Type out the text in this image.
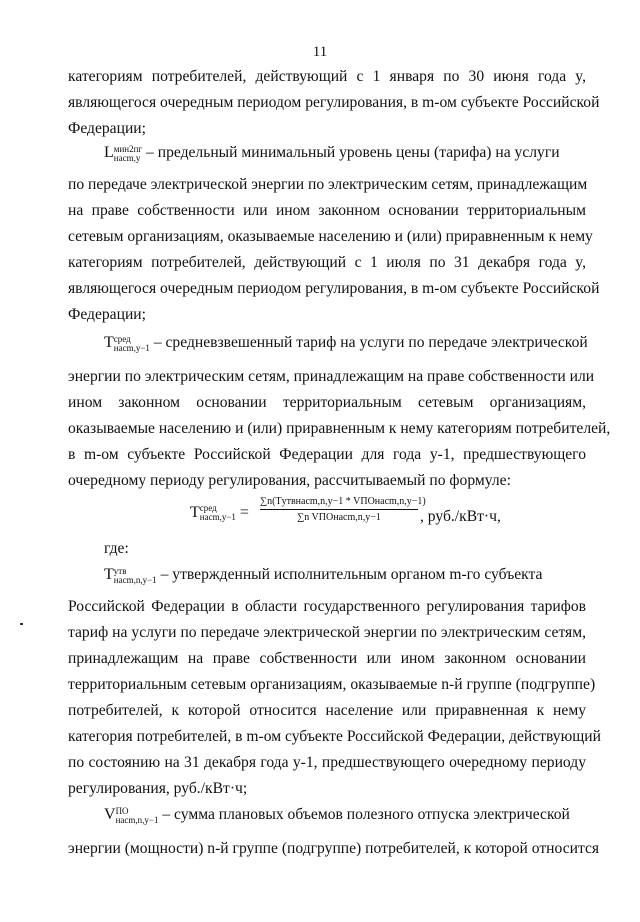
11
категориям потребителей, действующий с 1 января по 30 июня года y,
являющегося очередным периодом регулирования, в m-ом субъекте Российской
Федерации;
L мин2пг
насm,y – предельный минимальный уровень цены (тарифа) на услуги
по передаче электрической энергии по электрическим сетям, принадлежащим
на праве собственности или ином законном основании территориальным
сетевым организациям, оказываемые населению и (или) приравненным к нему
категориям потребителей, действующий с 1 июля по 31 декабря года y,
являющегося очередным периодом регулирования, в m-ом субъекте Российской
Федерации;
T сред
насm,y−1 – средневзвешенный тариф на услуги по передаче электрической
энергии по электрическим сетям, принадлежащим на праве собственности или
ином законном основании территориальным сетевым организациям,
оказываемые населению и (или) приравненным к нему категориям потребителей,
в m-ом субъекте Российской Федерации для года y-1, предшествующего
очередному периоду регулирования, рассчитываемый по формуле:
T сред
насm,y−1 =
∑n(Tутвнасm,n,y−1 * VПОнасm,n,y−1)
∑n VПОнасm,n,y−1	, руб./кВт·ч,
где:
T утв
насm,n,y−1 – утвержденный исполнительным органом m-го субъекта
Российской Федерации в области государственного регулирования тарифов
тариф на услуги по передаче электрической энергии по электрическим сетям,
принадлежащим на праве собственности или ином законном основании
территориальным сетевым организациям, оказываемые n-й группе (подгруппе)
потребителей, к которой относится население или приравненная к нему
категория потребителей, в m-ом субъекте Российской Федерации, действующий
по состоянию на 31 декабря года y-1, предшествующего очередному периоду
регулирования, руб./кВт·ч;
V ПО
насm,n,y−1 – сумма плановых объемов полезного отпуска электрической
энергии (мощности) n-й группе (подгруппе) потребителей, к которой относится
